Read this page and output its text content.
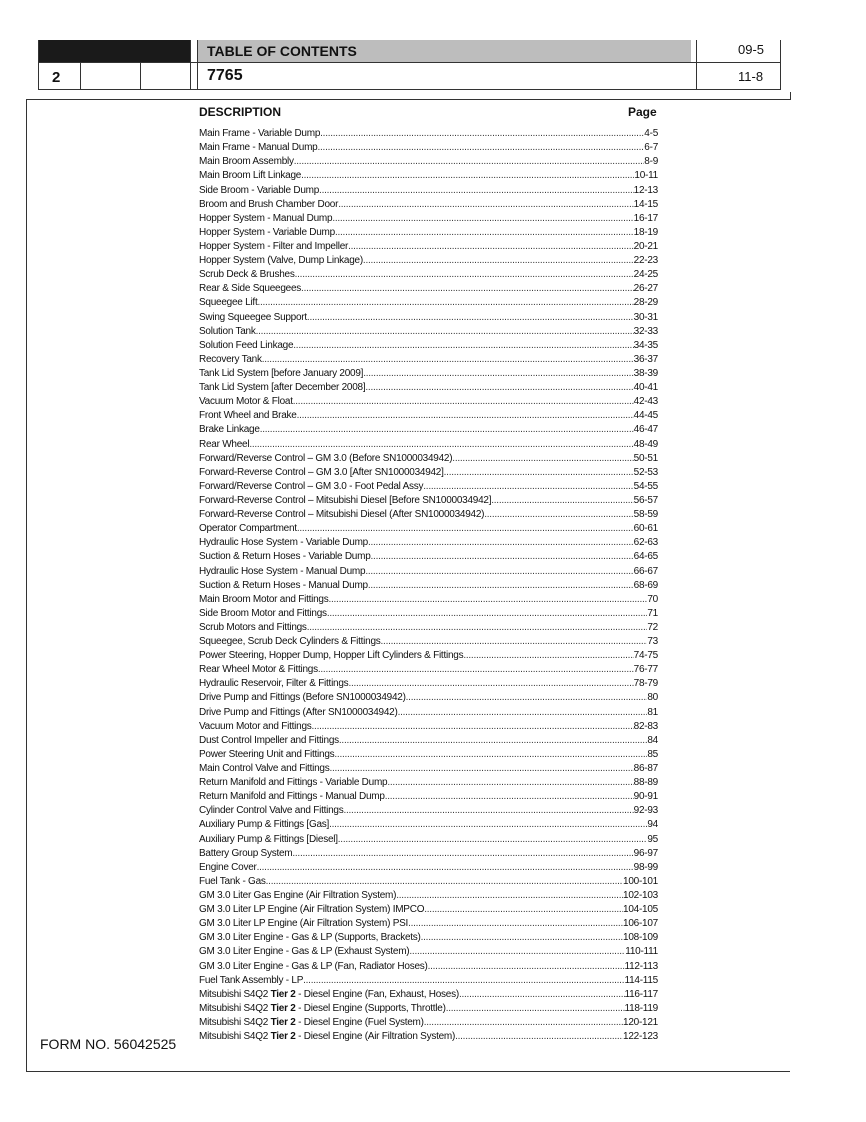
TABLE OF CONTENTS	09-5
11-8
7765
2
DESCRIPTION	Page
Main Frame - Variable Dump .....	4-5
Main Frame - Manual Dump .....	6-7
Main Broom Assembly .....	8-9
Main Broom Lift Linkage .....	10-11
Side Broom - Variable Dump .....	12-13
Broom and Brush Chamber Door .....	14-15
Hopper System - Manual Dump .....	16-17
Hopper System - Variable Dump .....	18-19
Hopper System - Filter and Impeller .....	20-21
Hopper System (Valve, Dump Linkage) .....	22-23
Scrub Deck & Brushes .....	24-25
Rear & Side Squeegees .....	26-27
Squeegee Lift .....	28-29
Swing Squeegee Support .....	30-31
Solution Tank .....	32-33
Solution Feed Linkage .....	34-35
Recovery Tank .....	36-37
Tank Lid System [before January 2009] .....	38-39
Tank Lid System [after December 2008] .....	40-41
Vacuum Motor & Float .....	42-43
Front Wheel and Brake .....	44-45
Brake Linkage .....	46-47
Rear Wheel .....	48-49
Forward/Reverse Control – GM 3.0 (Before SN1000034942) .....	50-51
Forward-Reverse Control – GM 3.0 [After SN1000034942] .....	52-53
Forward/Reverse Control – GM 3.0 - Foot Pedal Assy .....	54-55
Forward-Reverse Control – Mitsubishi Diesel [Before SN1000034942] .....	56-57
Forward-Reverse Control – Mitsubishi Diesel (After SN1000034942) .....	58-59
Operator Compartment .....	60-61
Hydraulic Hose System - Variable Dump .....	62-63
Suction & Return Hoses - Variable Dump .....	64-65
Hydraulic Hose System - Manual Dump .....	66-67
Suction & Return Hoses - Manual Dump .....	68-69
Main Broom Motor and Fittings .....	70
Side Broom Motor and Fittings .....	71
Scrub Motors and Fittings .....	72
Squeegee, Scrub Deck Cylinders & Fittings .....	73
Power Steering, Hopper Dump, Hopper Lift Cylinders & Fittings .....	74-75
Rear Wheel Motor & Fittings .....	76-77
Hydraulic Reservoir, Filter & Fittings .....	78-79
Drive Pump and Fittings (Before SN1000034942) .....	80
Drive Pump and Fittings (After SN1000034942) .....	81
Vacuum Motor and Fittings .....	82-83
Dust Control Impeller and Fittings .....	84
Power Steering Unit and Fittings .....	85
Main Control Valve and Fittings .....	86-87
Return Manifold and Fittings - Variable Dump .....	88-89
Return Manifold and Fittings - Manual Dump .....	90-91
Cylinder Control Valve and Fittings .....	92-93
Auxiliary Pump & Fittings [Gas] .....	94
Auxiliary Pump & Fittings [Diesel] .....	95
Battery Group System .....	96-97
Engine Cover .....	98-99
Fuel Tank - Gas .....	100-101
GM 3.0 Liter Gas Engine (Air Filtration System) .....	102-103
GM 3.0 Liter LP Engine (Air Filtration System) IMPCO .....	104-105
GM 3.0 Liter LP Engine (Air Filtration System) PSI .....	106-107
GM 3.0 Liter Engine - Gas & LP (Supports, Brackets) .....	108-109
GM 3.0 Liter Engine - Gas & LP (Exhaust System) .....	110-111
GM 3.0 Liter Engine - Gas & LP (Fan, Radiator Hoses) .....	112-113
Fuel Tank Assembly - LP .....	114-115
Mitsubishi S4Q2 Tier 2 - Diesel Engine (Fan, Exhaust, Hoses) .....	116-117
Mitsubishi S4Q2 Tier 2 - Diesel Engine (Supports, Throttle) .....	118-119
Mitsubishi S4Q2 Tier 2 - Diesel Engine (Fuel System) .....	120-121
Mitsubishi S4Q2 Tier 2 - Diesel Engine (Air Filtration System) .....	122-123
FORM NO. 56042525
